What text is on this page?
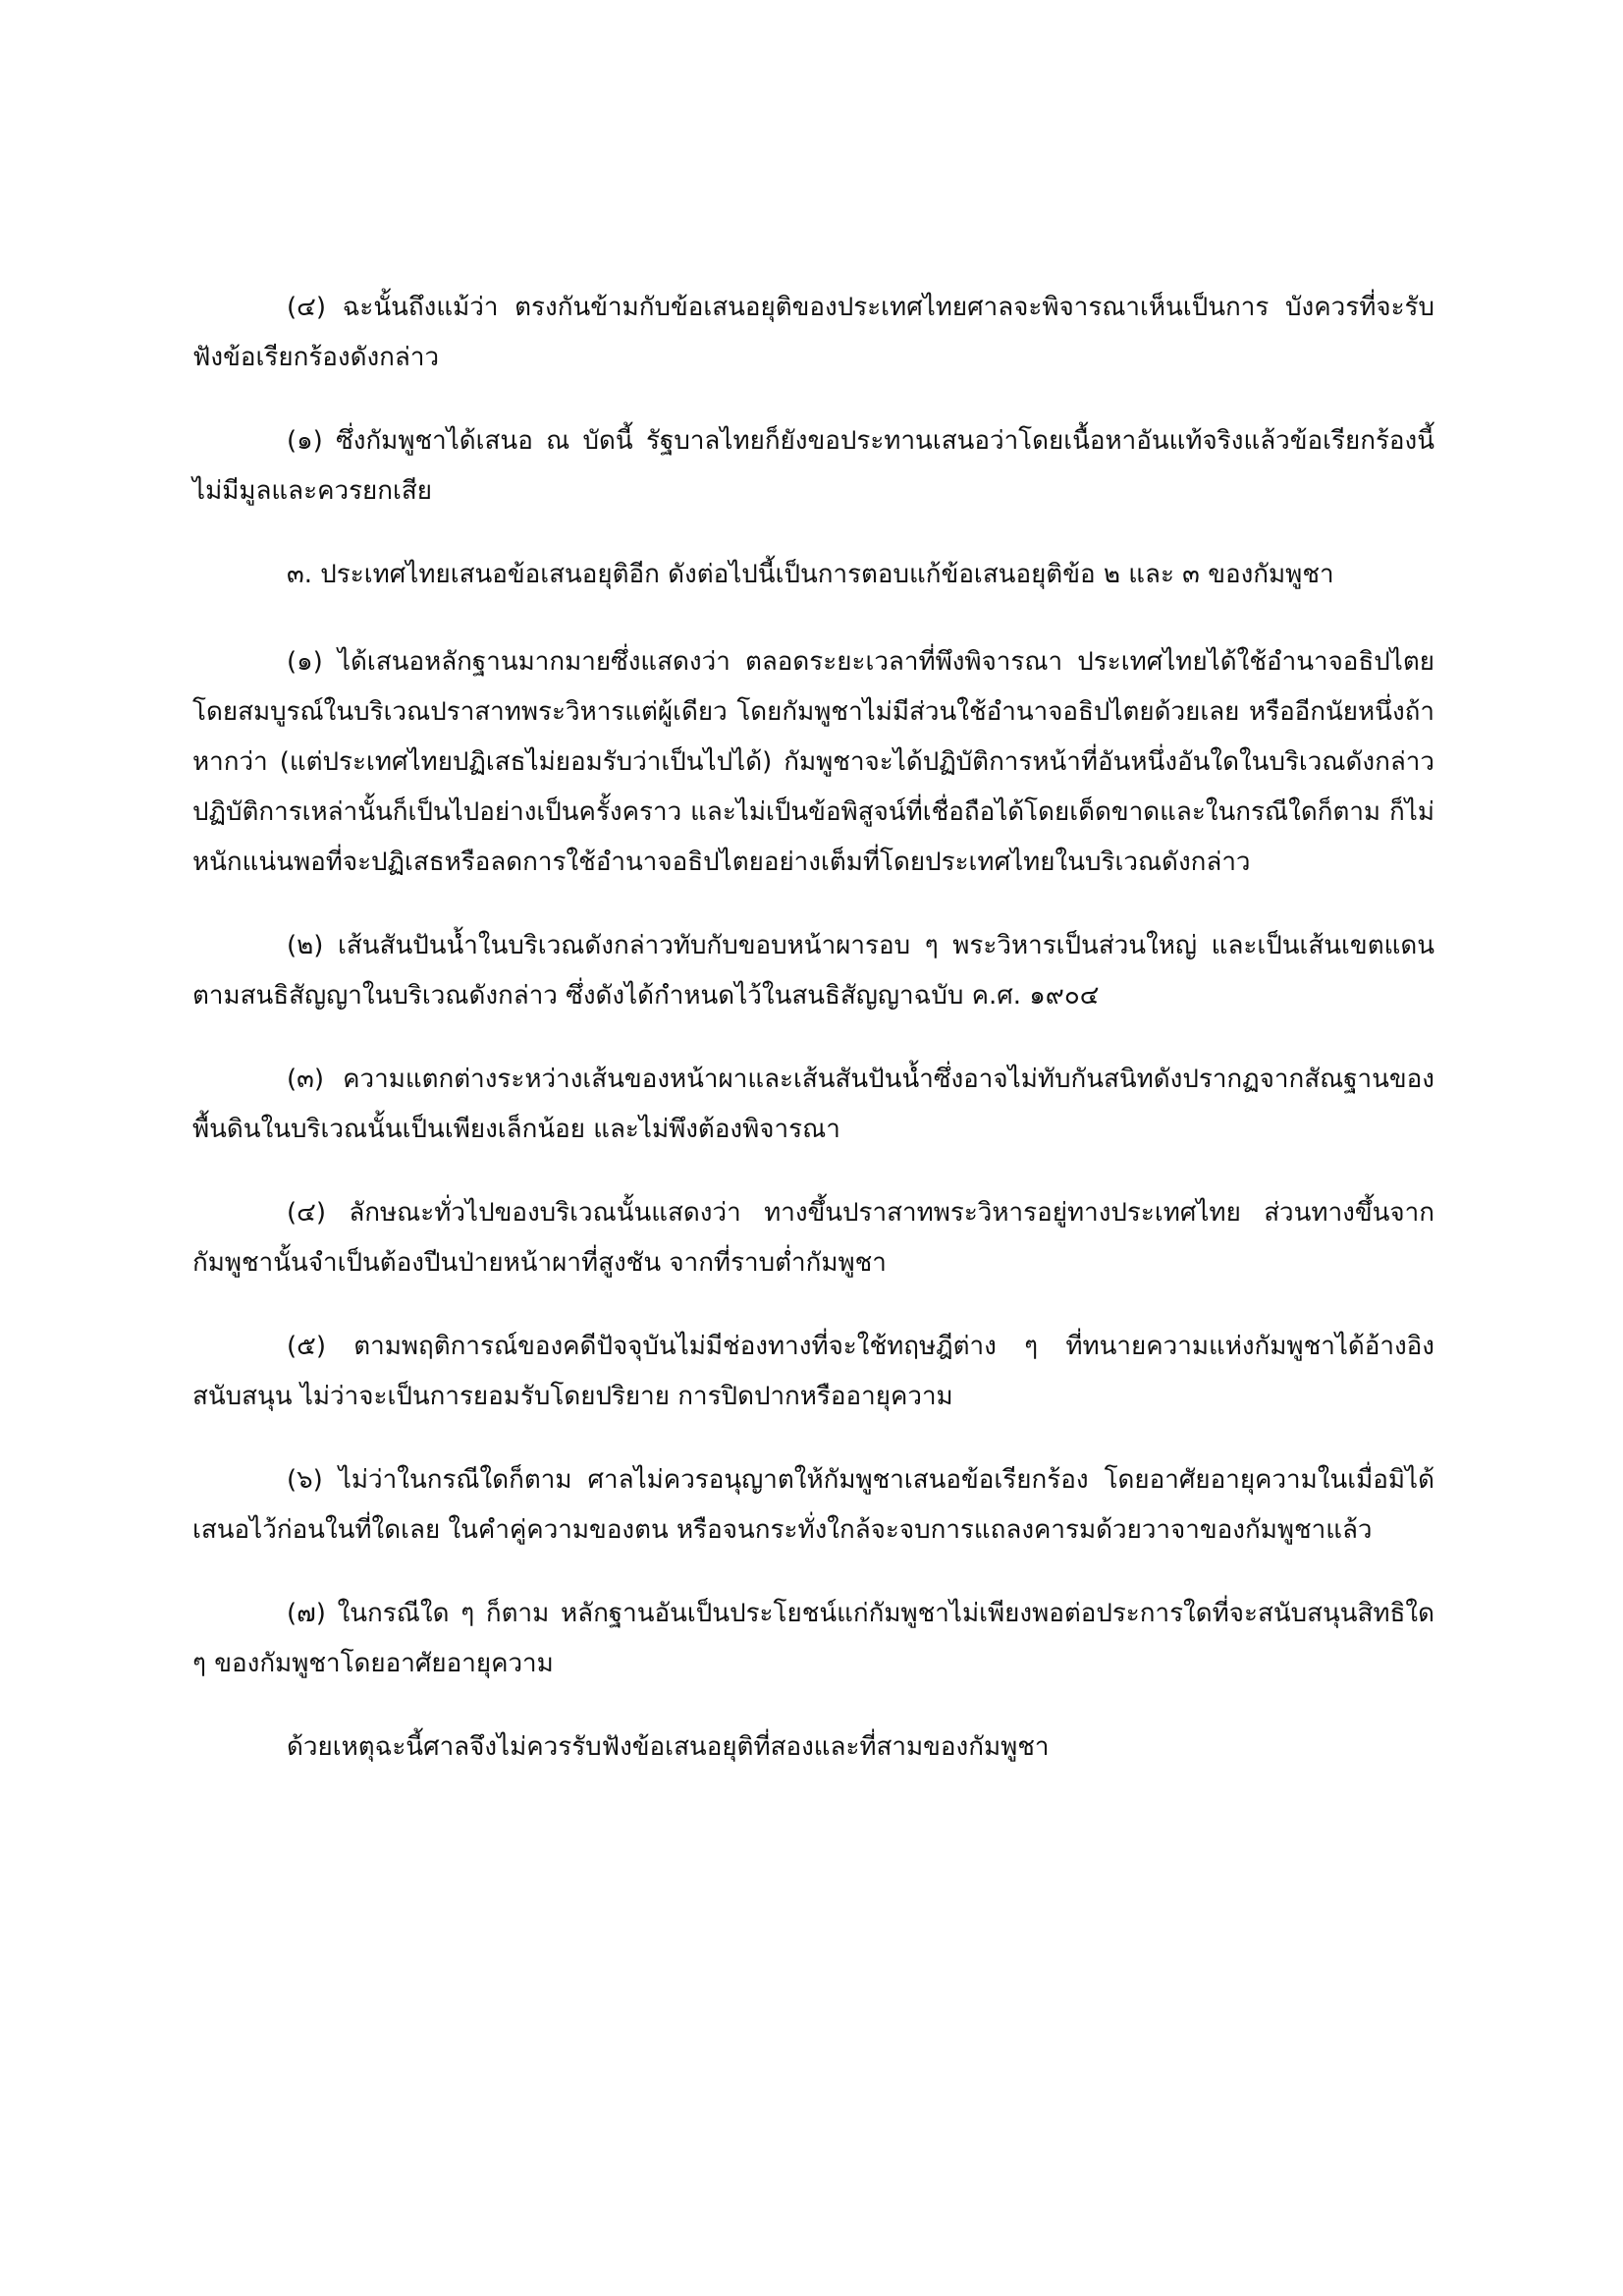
(๔) ฉะนั้นถึงแม้ว่า ตรงกันข้ามกับข้อเสนอยุติของประเทศไทยศาลจะพิจารณาเห็นเป็นการ บังควรที่จะรับฟังข้อเรียกร้องดังกล่าว

(๑) ซึ่งกัมพูชาได้เสนอ ณ บัดนี้ รัฐบาลไทยก็ยังขอประทานเสนอว่าโดยเนื้อหาอันแท้จริงแล้วข้อเรียกร้องนี้ไม่มีมูลและควรยกเสีย

๓. ประเทศไทยเสนอข้อเสนอยุติอีก ดังต่อไปนี้เป็นการตอบแก้ข้อเสนอยุติข้อ ๒ และ ๓ ของกัมพูชา

(๑) ได้เสนอหลักฐานมากมายซึ่งแสดงว่า ตลอดระยะเวลาที่พึงพิจารณา ประเทศไทยได้ใช้อำนาจอธิปไตยโดยสมบูรณ์ในบริเวณปราสาทพระวิหารแต่ผู้เดียว โดยกัมพูชาไม่มีส่วนใช้อำนาจอธิปไตยด้วยเลย หรืออีกนัยหนึ่งถ้าหากว่า (แต่ประเทศไทยปฏิเสธไม่ยอมรับว่าเป็นไปได้) กัมพูชาจะได้ปฏิบัติการหน้าที่อันหนึ่งอันใดในบริเวณดังกล่าว ปฏิบัติการเหล่านั้นก็เป็นไปอย่างเป็นครั้งคราว และไม่เป็นข้อพิสูจน์ที่เชื่อถือได้โดยเด็ดขาดและในกรณีใดก็ตาม ก็ไม่หนักแน่นพอที่จะปฏิเสธหรือลดการใช้อำนาจอธิปไตยอย่างเต็มที่โดยประเทศไทยในบริเวณดังกล่าว

(๒) เส้นสันปันน้ำในบริเวณดังกล่าวทับกับขอบหน้าผารอบ ๆ พระวิหารเป็นส่วนใหญ่ และเป็นเส้นเขตแดน ตามสนธิสัญญาในบริเวณดังกล่าว ซึ่งดังได้กำหนดไว้ในสนธิสัญญาฉบับ ค.ศ. ๑๙๐๔

(๓) ความแตกต่างระหว่างเส้นของหน้าผาและเส้นสันปันน้ำซึ่งอาจไม่ทับกันสนิทดังปรากฏจากสัณฐานของพื้นดินในบริเวณนั้นเป็นเพียงเล็กน้อย และไม่พึงต้องพิจารณา

(๔) ลักษณะทั่วไปของบริเวณนั้นแสดงว่า ทางขึ้นปราสาทพระวิหารอยู่ทางประเทศไทย ส่วนทางขึ้นจากกัมพูชานั้นจำเป็นต้องปีนป่ายหน้าผาที่สูงชัน จากที่ราบต่ำกัมพูชา

(๕) ตามพฤติการณ์ของคดีปัจจุบันไม่มีช่องทางที่จะใช้ทฤษฎีต่าง ๆ ที่ทนายความแห่งกัมพูชาได้อ้างอิงสนับสนุน ไม่ว่าจะเป็นการยอมรับโดยปริยาย การปิดปากหรืออายุความ

(๖) ไม่ว่าในกรณีใดก็ตาม ศาลไม่ควรอนุญาตให้กัมพูชาเสนอข้อเรียกร้อง โดยอาศัยอายุความในเมื่อมิได้เสนอไว้ก่อนในที่ใดเลย ในคำคู่ความของตน หรือจนกระทั่งใกล้จะจบการแถลงคารมด้วยวาจาของกัมพูชาแล้ว

(๗) ในกรณีใด ๆ ก็ตาม หลักฐานอันเป็นประโยชน์แก่กัมพูชาไม่เพียงพอต่อประการใดที่จะสนับสนุนสิทธิใด ๆ ของกัมพูชาโดยอาศัยอายุความ

ด้วยเหตุฉะนี้ศาลจึงไม่ควรรับฟังข้อเสนอยุติที่สองและที่สามของกัมพูชา
